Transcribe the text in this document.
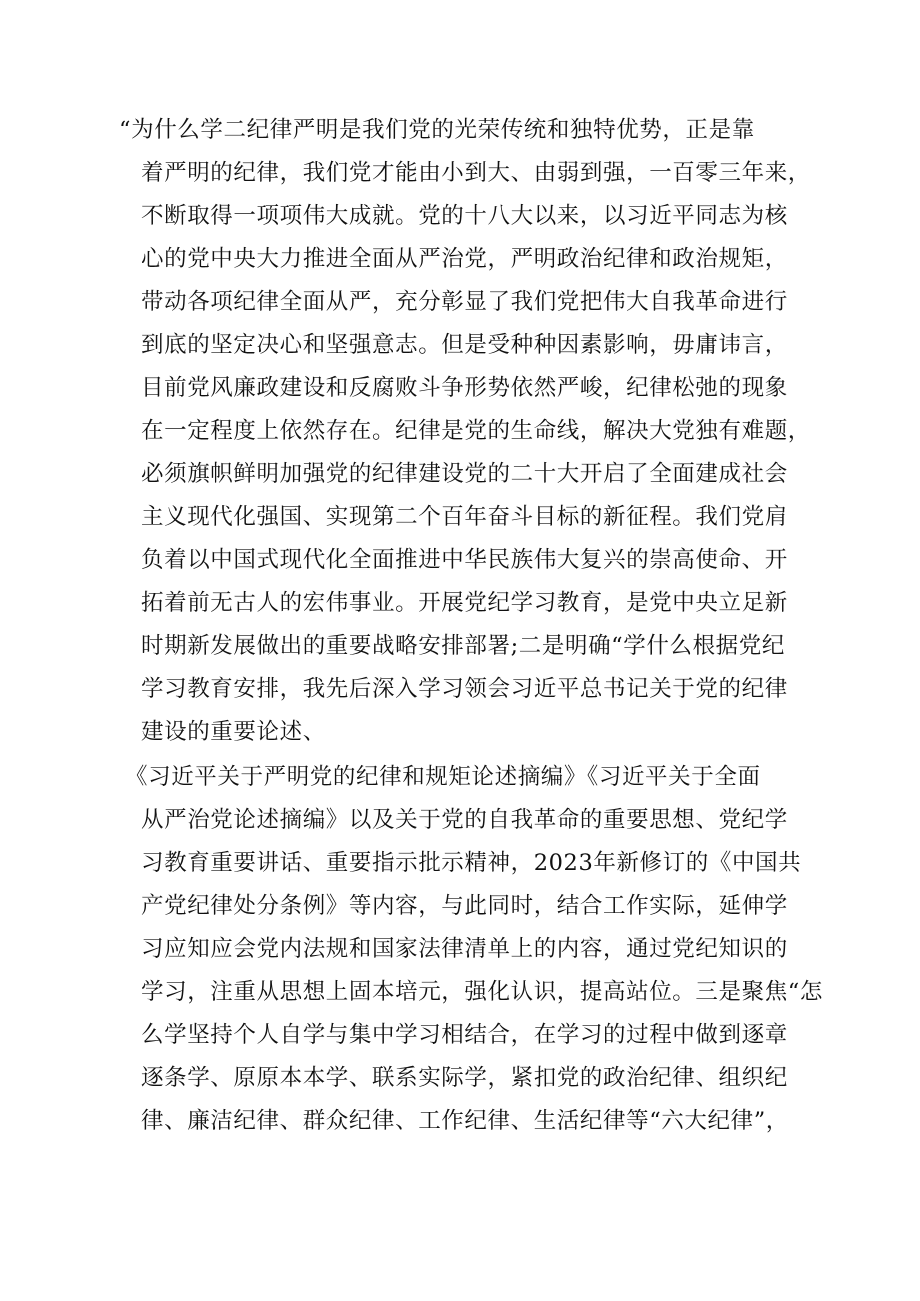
“为什么学二纪律严明是我们党的光荣传统和独特优势，正是靠
着严明的纪律，我们党才能由小到大、由弱到强，一百零三年来，
不断取得一项项伟大成就。党的十八大以来，以习近平同志为核
心的党中央大力推进全面从严治党，严明政治纪律和政治规矩，
带动各项纪律全面从严，充分彰显了我们党把伟大自我革命进行
到底的坚定决心和坚强意志。但是受种种因素影响，毋庸讳言，
目前党风廉政建设和反腐败斗争形势依然严峻，纪律松弛的现象
在一定程度上依然存在。纪律是党的生命线，解决大党独有难题，
必须旗帜鲜明加强党的纪律建设党的二十大开启了全面建成社会
主义现代化强国、实现第二个百年奋斗目标的新征程。我们党肩
负着以中国式现代化全面推进中华民族伟大复兴的崇高使命、开
拓着前无古人的宏伟事业。开展党纪学习教育，是党中央立足新
时期新发展做出的重要战略安排部署;二是明确“学什么根据党纪
学习教育安排，我先后深入学习领会习近平总书记关于党的纪律
建设的重要论述、
《习近平关于严明党的纪律和规矩论述摘编》《习近平关于全面
从严治党论述摘编》以及关于党的自我革命的重要思想、党纪学
习教育重要讲话、重要指示批示精神，2023年新修订的《中国共
产党纪律处分条例》等内容，与此同时，结合工作实际，延伸学
习应知应会党内法规和国家法律清单上的内容，通过党纪知识的
学习，注重从思想上固本培元，强化认识，提高站位。三是聚焦“怎
么学坚持个人自学与集中学习相结合，在学习的过程中做到逐章
逐条学、原原本本学、联系实际学，紧扣党的政治纪律、组织纪
律、廉洁纪律、群众纪律、工作纪律、生活纪律等“六大纪律”，
